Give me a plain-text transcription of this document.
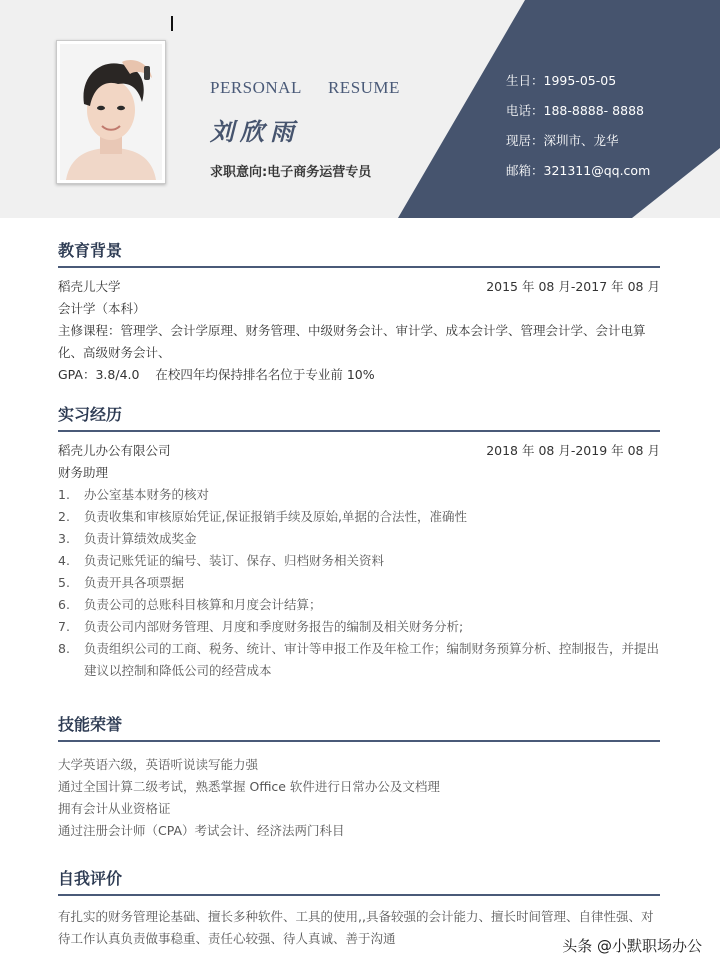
PERSONAL RESUME
刘欣雨
求职意向:电子商务运营专员
生日：1995-05-05
电话：188-8888- 8888
现居：深圳市、龙华
邮箱：321311@qq.com
教育背景
稻壳儿大学	2015 年 08 月-2017 年 08 月
会计学（本科）
主修课程：管理学、会计学原理、财务管理、中级财务会计、审计学、成本会计学、管理会计学、会计电算化、高级财务会计、
GPA：3.8/4.0    在校四年均保持排名名位于专业前 10%
实习经历
稻壳儿办公有限公司	2018 年 08 月-2019 年 08 月
财务助理
1.	办公室基本财务的核对
2.	负责收集和审核原始凭证,保证报销手续及原始,单据的合法性，准确性
3.	负责计算绩效成奖金
4.	负责记账凭证的编号、装订、保存、归档财务相关资料
5.	负责开具各项票据
6.	负责公司的总账科目核算和月度会计结算；
7.	负责公司内部财务管理、月度和季度财务报告的编制及相关财务分析;
8.	负责组织公司的工商、税务、统计、审计等申报工作及年检工作；编制财务预算分析、控制报告，并提出建议以控制和降低公司的经营成本
技能荣誉
大学英语六级，英语听说读写能力强
通过全国计算二级考试，熟悉掌握 Office 软件进行日常办公及文档理
拥有会计从业资格证
通过注册会计师（CPA）考试会计、经济法两门科目
自我评价
有扎实的财务管理论基础、擅长多种软件、工具的使用,,具备较强的会计能力、擅长时间管理、自律性强、对待工作认真负责做事稳重、责任心较强、待人真诚、善于沟通	头条 @小默职场办公
